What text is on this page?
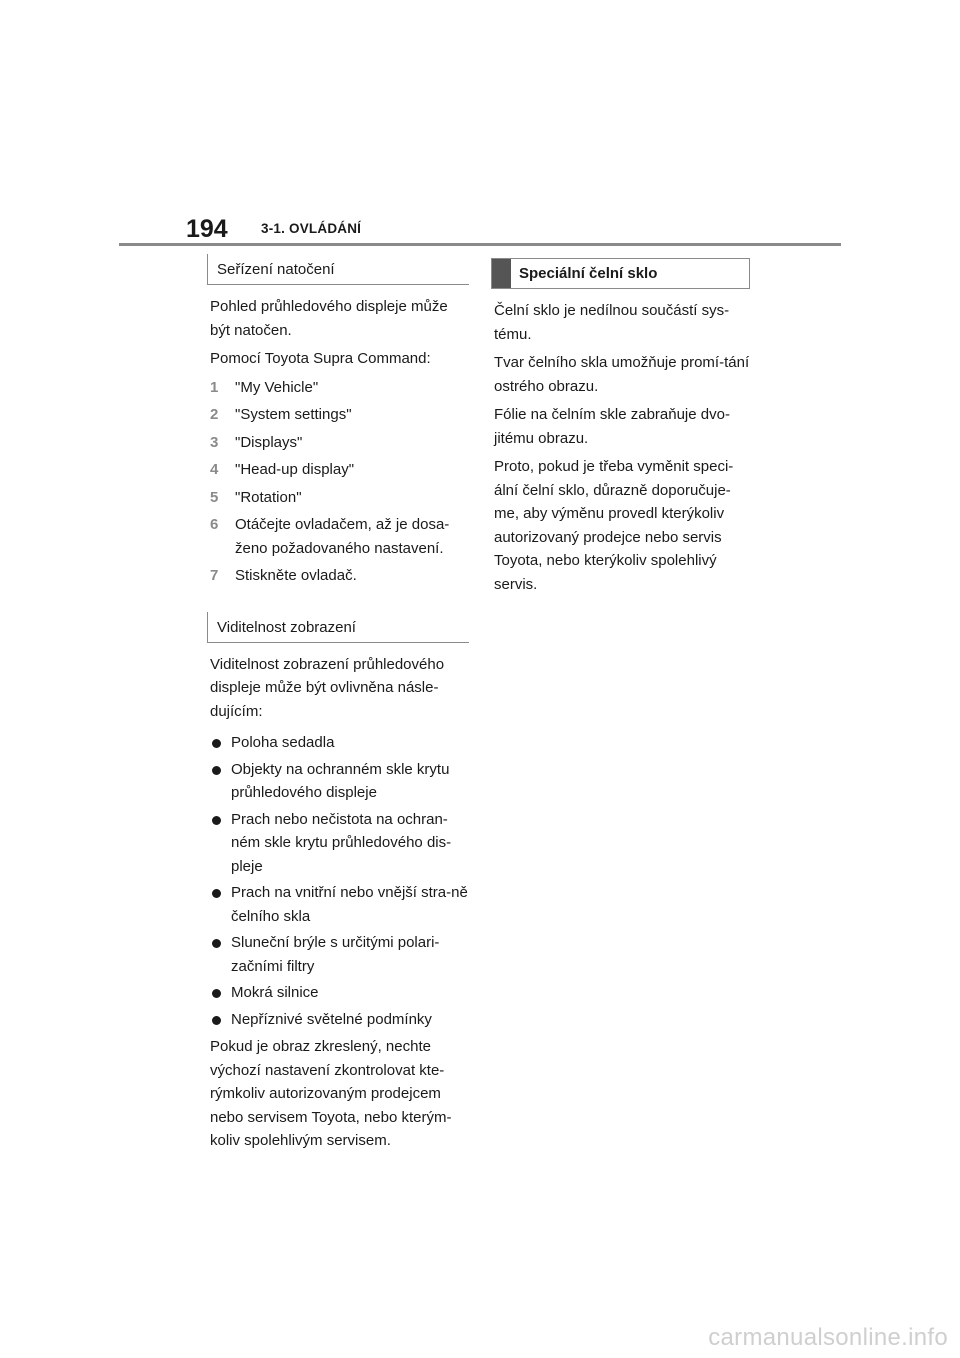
194 3-1. OVLÁDÁNÍ
Seřízení natočení

Pohled průhledového displeje může být natočen.

Pomocí Toyota Supra Command:

1 "My Vehicle"
2 "System settings"
3 "Displays"
4 "Head-up display"
5 "Rotation"
6 Otáčejte ovladačem, až je dosa-ženo požadovaného nastavení.
7 Stiskněte ovladač.
Viditelnost zobrazení

Viditelnost zobrazení průhledového displeje může být ovlivněna násle-dujícím:

Poloha sedadla
Objekty na ochranném skle krytu průhledového displeje
Prach nebo nečistota na ochran-ném skle krytu průhledového dis-pleje
Prach na vnitřní nebo vnější stra-ně čelního skla
Sluneční brýle s určitými polari-začními filtry
Mokrá silnice
Nepříznivé světelné podmínky

Pokud je obraz zkreslený, nechte výchozí nastavení zkontrolovat kte-rýmkoliv autorizovaným prodejcem nebo servisem Toyota, nebo kterým-koliv spolehlivým servisem.

Speciální čelní sklo

Čelní sklo je nedílnou součástí sys-tému.

Tvar čelního skla umožňuje promí-tání ostrého obrazu.

Fólie na čelním skle zabraňuje dvo-jitému obrazu.

Proto, pokud je třeba vyměnit speci-ální čelní sklo, důrazně doporučuje-me, aby výměnu provedl kterýkoliv autorizovaný prodejce nebo servis Toyota, nebo kterýkoliv spolehlivý servis.

carmanualsonline.info
